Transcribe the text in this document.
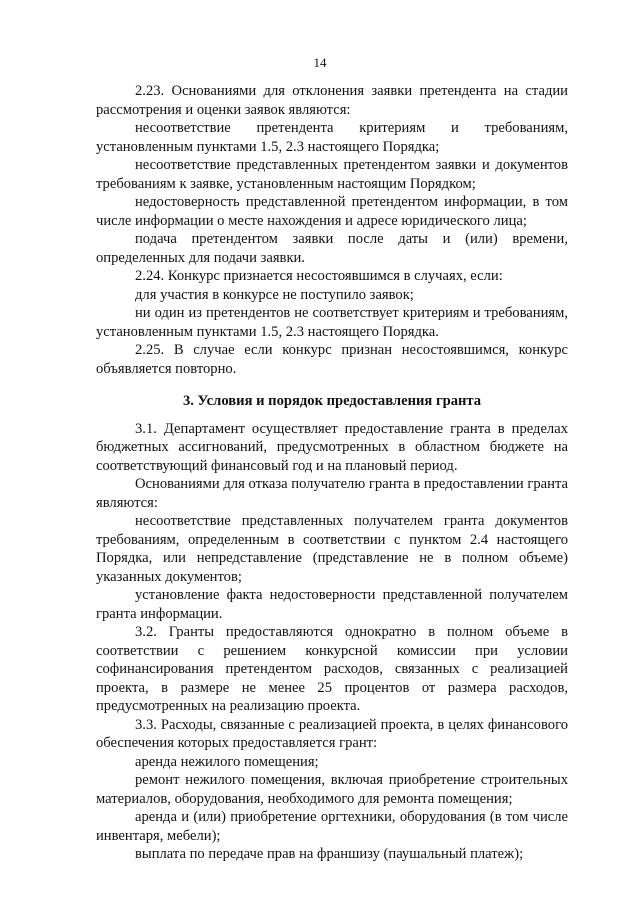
14

2.23. Основаниями для отклонения заявки претендента на стадии рассмотрения и оценки заявок являются:

несоответствие претендента критериям и требованиям, установленным пунктами 1.5, 2.3 настоящего Порядка;

несоответствие представленных претендентом заявки и документов требованиям к заявке, установленным настоящим Порядком;

недостоверность представленной претендентом информации, в том числе информации о месте нахождения и адресе юридического лица;

подача претендентом заявки после даты и (или) времени, определенных для подачи заявки.

2.24. Конкурс признается несостоявшимся в случаях, если:

для участия в конкурсе не поступило заявок;

ни один из претендентов не соответствует критериям и требованиям, установленным пунктами 1.5, 2.3 настоящего Порядка.

2.25. В случае если конкурс признан несостоявшимся, конкурс объявляется повторно.

3. Условия и порядок предоставления гранта

3.1. Департамент осуществляет предоставление гранта в пределах бюджетных ассигнований, предусмотренных в областном бюджете на соответствующий финансовый год и на плановый период.

Основаниями для отказа получателю гранта в предоставлении гранта являются:

несоответствие представленных получателем гранта документов требованиям, определенным в соответствии с пунктом 2.4 настоящего Порядка, или непредставление (представление не в полном объеме) указанных документов;

установление факта недостоверности представленной получателем гранта информации.

3.2. Гранты предоставляются однократно в полном объеме в соответствии с решением конкурсной комиссии при условии софинансирования претендентом расходов, связанных с реализацией проекта, в размере не менее 25 процентов от размера расходов, предусмотренных на реализацию проекта.

3.3. Расходы, связанные с реализацией проекта, в целях финансового обеспечения которых предоставляется грант:

аренда нежилого помещения;

ремонт нежилого помещения, включая приобретение строительных материалов, оборудования, необходимого для ремонта помещения;

аренда и (или) приобретение оргтехники, оборудования (в том числе инвентаря, мебели);

выплата по передаче прав на франшизу (паушальный платеж);
